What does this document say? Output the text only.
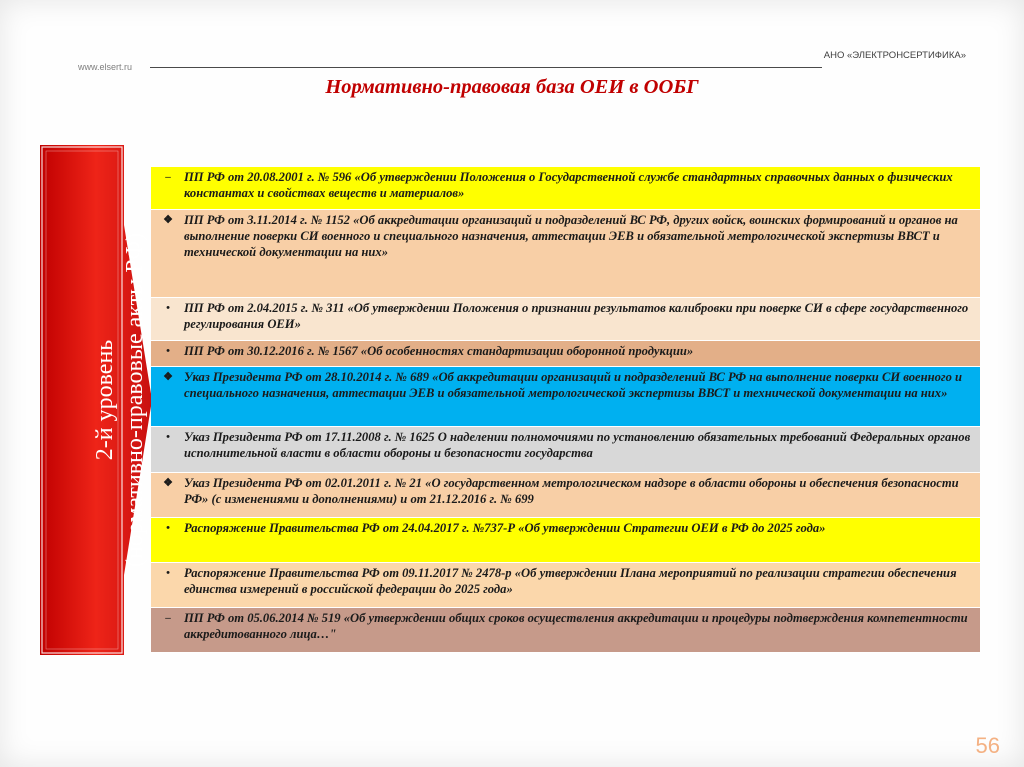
www.elsert.ru
АНО «ЭЛЕКТРОНСЕРТИФИКА»
Нормативно-правовая база ОЕИ в ООБГ
2-й уровень (нормативно-правовые акты РФ)
–	ПП РФ от 20.08.2001 г. № 596 «Об утверждении Положения о Государственной службе стандартных справочных данных о физических константах и свойствах веществ и материалов»
❖ ПП РФ от 3.11.2014 г. № 1152 «Об аккредитации организаций и подразделений ВС РФ, других войск, воинских формирований и органов на выполнение поверки СИ военного и специального назначения, аттестации ЭЕВ и обязательной метрологической экспертизы ВВСТ и технической документации на них»
•	ПП РФ от 2.04.2015 г. № 311 «Об утверждении Положения о признании результатов калибровки при поверке СИ в сфере государственного регулирования ОЕИ»
•	ПП РФ от 30.12.2016 г. № 1567 «Об особенностях стандартизации оборонной продукции»
❖ Указ Президента РФ от 28.10.2014 г. № 689 «Об аккредитации организаций и подразделений ВС РФ на выполнение поверки СИ военного и специального назначения, аттестации ЭЕВ и обязательной метрологической экспертизы ВВСТ и технической документации на них»
•	Указ Президента РФ от 17.11.2008 г. № 1625 О наделении полномочиями по установлению обязательных требований Федеральных органов исполнительной власти в области обороны и безопасности государства
❖ Указ Президента РФ от 02.01.2011 г. № 21 «О государственном метрологическом надзоре в области обороны и обеспечения безопасности РФ» (с изменениями и дополнениями) и от 21.12.2016 г. № 699
•	Распоряжение Правительства РФ от 24.04.2017 г. №737-Р «Об утверждении Стратегии ОЕИ в РФ до 2025 года»
•	Распоряжение Правительства РФ от 09.11.2017 № 2478-р «Об утверждении Плана мероприятий по реализации стратегии обеспечения единства измерений в российской федерации до 2025 года»
–	ПП РФ от 05.06.2014 № 519 «Об утверждении общих сроков осуществления аккредитации и процедуры подтверждения компетентности аккредитованного лица…"
56
